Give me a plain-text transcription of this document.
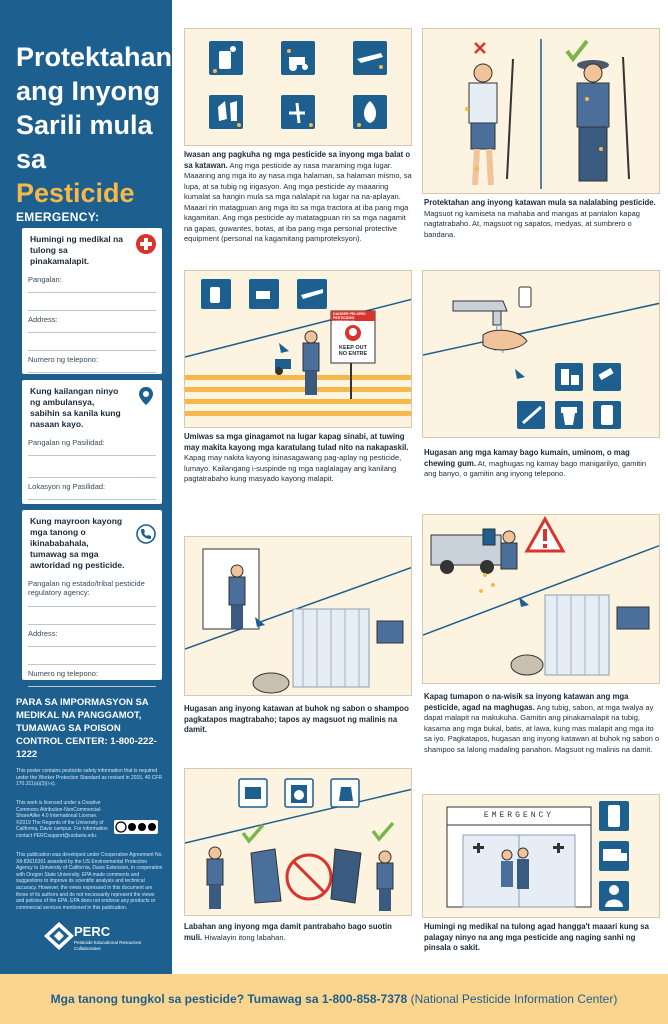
Protektahan
ang Inyong
Sarili mula
sa Pesticide
EMERGENCY:
Humingi ng medikal na tulong sa pinakamalapit.
Pangalan:
Address:
Numero ng telepono:
Kung kailangan ninyo ng ambulansya, sabihin sa kanila kung nasaan kayo.
Pangalan ng Pasilidad:
Lokasyon ng Pasilidad:
Kung mayroon kayong mga tanong o ikinababahala, tumawag sa mga awtoridad ng pesticide.
Pangalan ng estado/tribal pesticide regulatory agency:
Address:
Numero ng telepono:
PARA SA IMPORMASYON SA MEDIKAL NA PANGGAMOT, TUMAWAG SA POISON CONTROL CENTER: 1-800-222-1222
This poster contains pesticide safety information that is required under the Worker Protection Standard as revised in 2015, 40 CFR 170.311(a)(3)(i-x).
This work is licensed under a Creative Commons Attribution-NonCommercial-ShareAlike 4.0 International License. ©2019 The Regents of the University of California, Davis campus. For information contact PERCsupport@ucdavis.edu.
This publication was developed under Cooperative Agreement No. X8-83616301 awarded by the US Environmental Protection Agency to University of California, Davis Extension, in cooperation with Oregon State University. EPA made comments and suggestions to improve its scientific analysis and technical accuracy. However, the views expressed in this document are those of its authors and do not necessarily represent the views and policies of the EPA. EPA does not endorse any products or commercial services mentioned in this publication.
PERC
Pesticide Educational Resources Collaborative
Iwasan ang pagkuha ng mga pesticide sa inyong mga balat o sa katawan. Ang mga pesticide ay nasa maraming mga lugar. Maaaring ang mga ito ay nasa mga halaman, sa halaman mismo, sa lupa, at sa tubig ng irigasyon. Ang mga pesticide ay maaaring kumalat sa hangin mula sa mga nalalapit na lugar na na-aplayan. Maaari rin matagpuan ang mga ito sa mga tractora at iba pang mga kagamitan. Ang mga pesticide ay matatagpuan rin sa mga nagamit na gapas, guwantes, botas, at iba pang mga personal protective equipment (personal na kagamitang pamproteksyon).
Protektahan ang inyong katawan mula sa nalalabing pesticide. Magsuot ng kamiseta na mahaba and mangas at pantalon kapag nagtatrabaho. At, magsuot ng sapatos, medyas, at sumbrero o bandana.
DANGER PELIGRO
PESTICIDES PESTICIDAS
KEEP OUT
NO ENTRE
Umiwas sa mga ginagamot na lugar kapag sinabi, at tuwing may makita kayong mga karatulang tulad nito na nakapaskil. Kapag may nakita kayong isinasagawang pag-aplay ng pesticide, lumayo. Kailangang i-suspinde ng mga naglalagay ang kanilang pagtatrabaho kung masyado kayong malapit.
Hugasan ang mga kamay bago kumain, uminom, o mag chewing gum. At, maghugas ng kamay bago manigarilyo, gamitin ang banyo, o gamitin ang inyong telepono.
Hugasan ang inyong katawan at buhok ng sabon o shampoo pagkatapos magtrabaho; tapos ay magsuot ng malinis na damit.
Kapag tumapon o na-wisik sa inyong katawan ang mga pesticide, agad na maghugas. Ang tubig, sabon, at mga twalya ay dapat malapit na makukuha. Gamitin ang pinakamalapit na tubig, kasama ang mga bukal, batis, at lawa, kung mas malapit ang mga ito sa iyo. Pagkatapos, hugasan ang inyong katawan at buhok ng sabon o shampoo sa lalong madaling panahon. Magsuot ng malinis na damit.
Labahan ang inyong mga damit pantrabaho bago suotin muli. Hiwalayin itong labahan.
EMERGENCY
Humingi ng medikal na tulong agad hangga't maaari kung sa palagay ninyo na ang mga pesticide ang naging sanhi ng pinsala o sakit.
Mga tanong tungkol sa pesticide? Tumawag sa 1-800-858-7378 (National Pesticide Information Center)
